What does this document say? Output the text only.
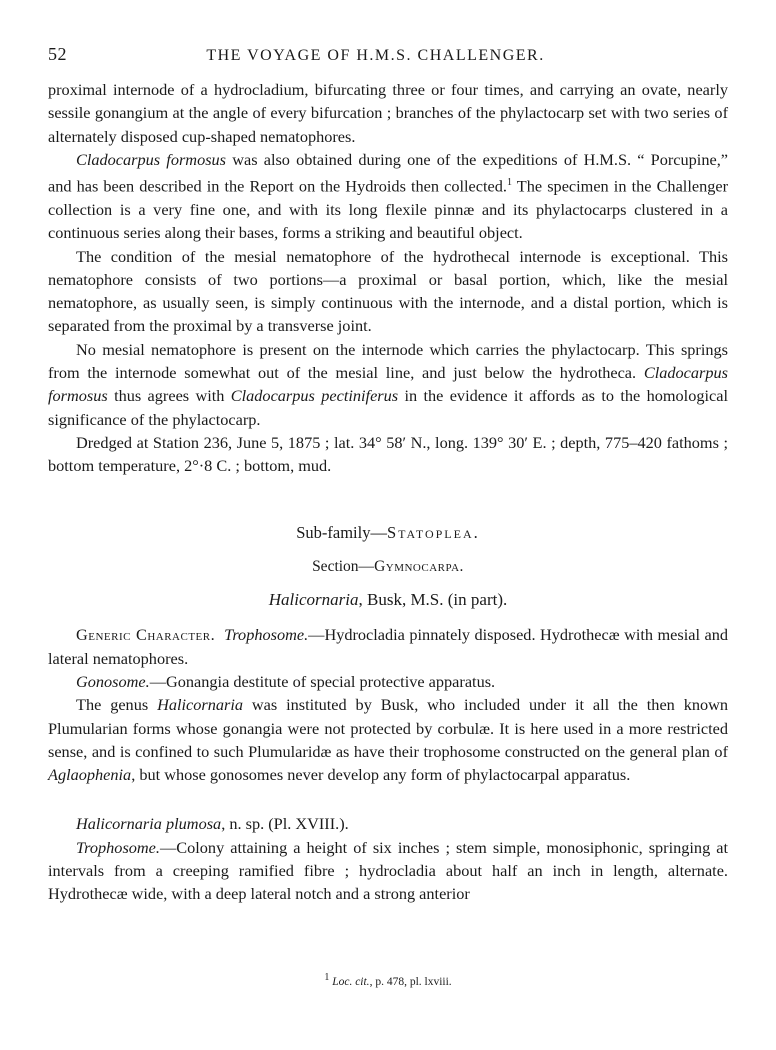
52	THE VOYAGE OF H.M.S. CHALLENGER.

proximal internode of a hydrocladium, bifurcating three or four times, and carrying an ovate, nearly sessile gonangium at the angle of every bifurcation ; branches of the phylactocarp set with two series of alternately disposed cup-shaped nematophores.

Cladocarpus formosus was also obtained during one of the expeditions of H.M.S. “ Porcupine,” and has been described in the Report on the Hydroids then collected.$^1$ The specimen in the Challenger collection is a very fine one, and with its long flexile pinnæ and its phylactocarps clustered in a continuous series along their bases, forms a striking and beautiful object.

The condition of the mesial nematophore of the hydrothecal internode is exceptional. This nematophore consists of two portions—a proximal or basal portion, which, like the mesial nematophore, as usually seen, is simply continuous with the internode, and a distal portion, which is separated from the proximal by a transverse joint.

No mesial nematophore is present on the internode which carries the phylactocarp. This springs from the internode somewhat out of the mesial line, and just below the hydrotheca. Cladocarpus formosus thus agrees with Cladocarpus pectiniferus in the evidence it affords as to the homological significance of the phylactocarp.

Dredged at Station 236, June 5, 1875 ; lat. 34° 58′ N., long. 139° 30′ E. ; depth, 775–420 fathoms ; bottom temperature, 2°·8 C. ; bottom, mud.

Sub-family—Statoplea.

Section—Gymnocarpa.

Halicornaria, Busk, M.S. (in part).

Generic Character. Trophosome.—Hydrocladia pinnately disposed. Hydrothecæ with mesial and lateral nematophores.

Gonosome.—Gonangia destitute of special protective apparatus.

The genus Halicornaria was instituted by Busk, who included under it all the then known Plumularian forms whose gonangia were not protected by corbulæ. It is here used in a more restricted sense, and is confined to such Plumularidæ as have their trophosome constructed on the general plan of Aglaophenia, but whose gonosomes never develop any form of phylactocarpal apparatus.

Halicornaria plumosa, n. sp. (Pl. XVIII.).

Trophosome.—Colony attaining a height of six inches ; stem simple, monosiphonic, springing at intervals from a creeping ramified fibre ; hydrocladia about half an inch in length, alternate. Hydrothecæ wide, with a deep lateral notch and a strong anterior

$^1$ Loc. cit., p. 478, pl. lxviii.
